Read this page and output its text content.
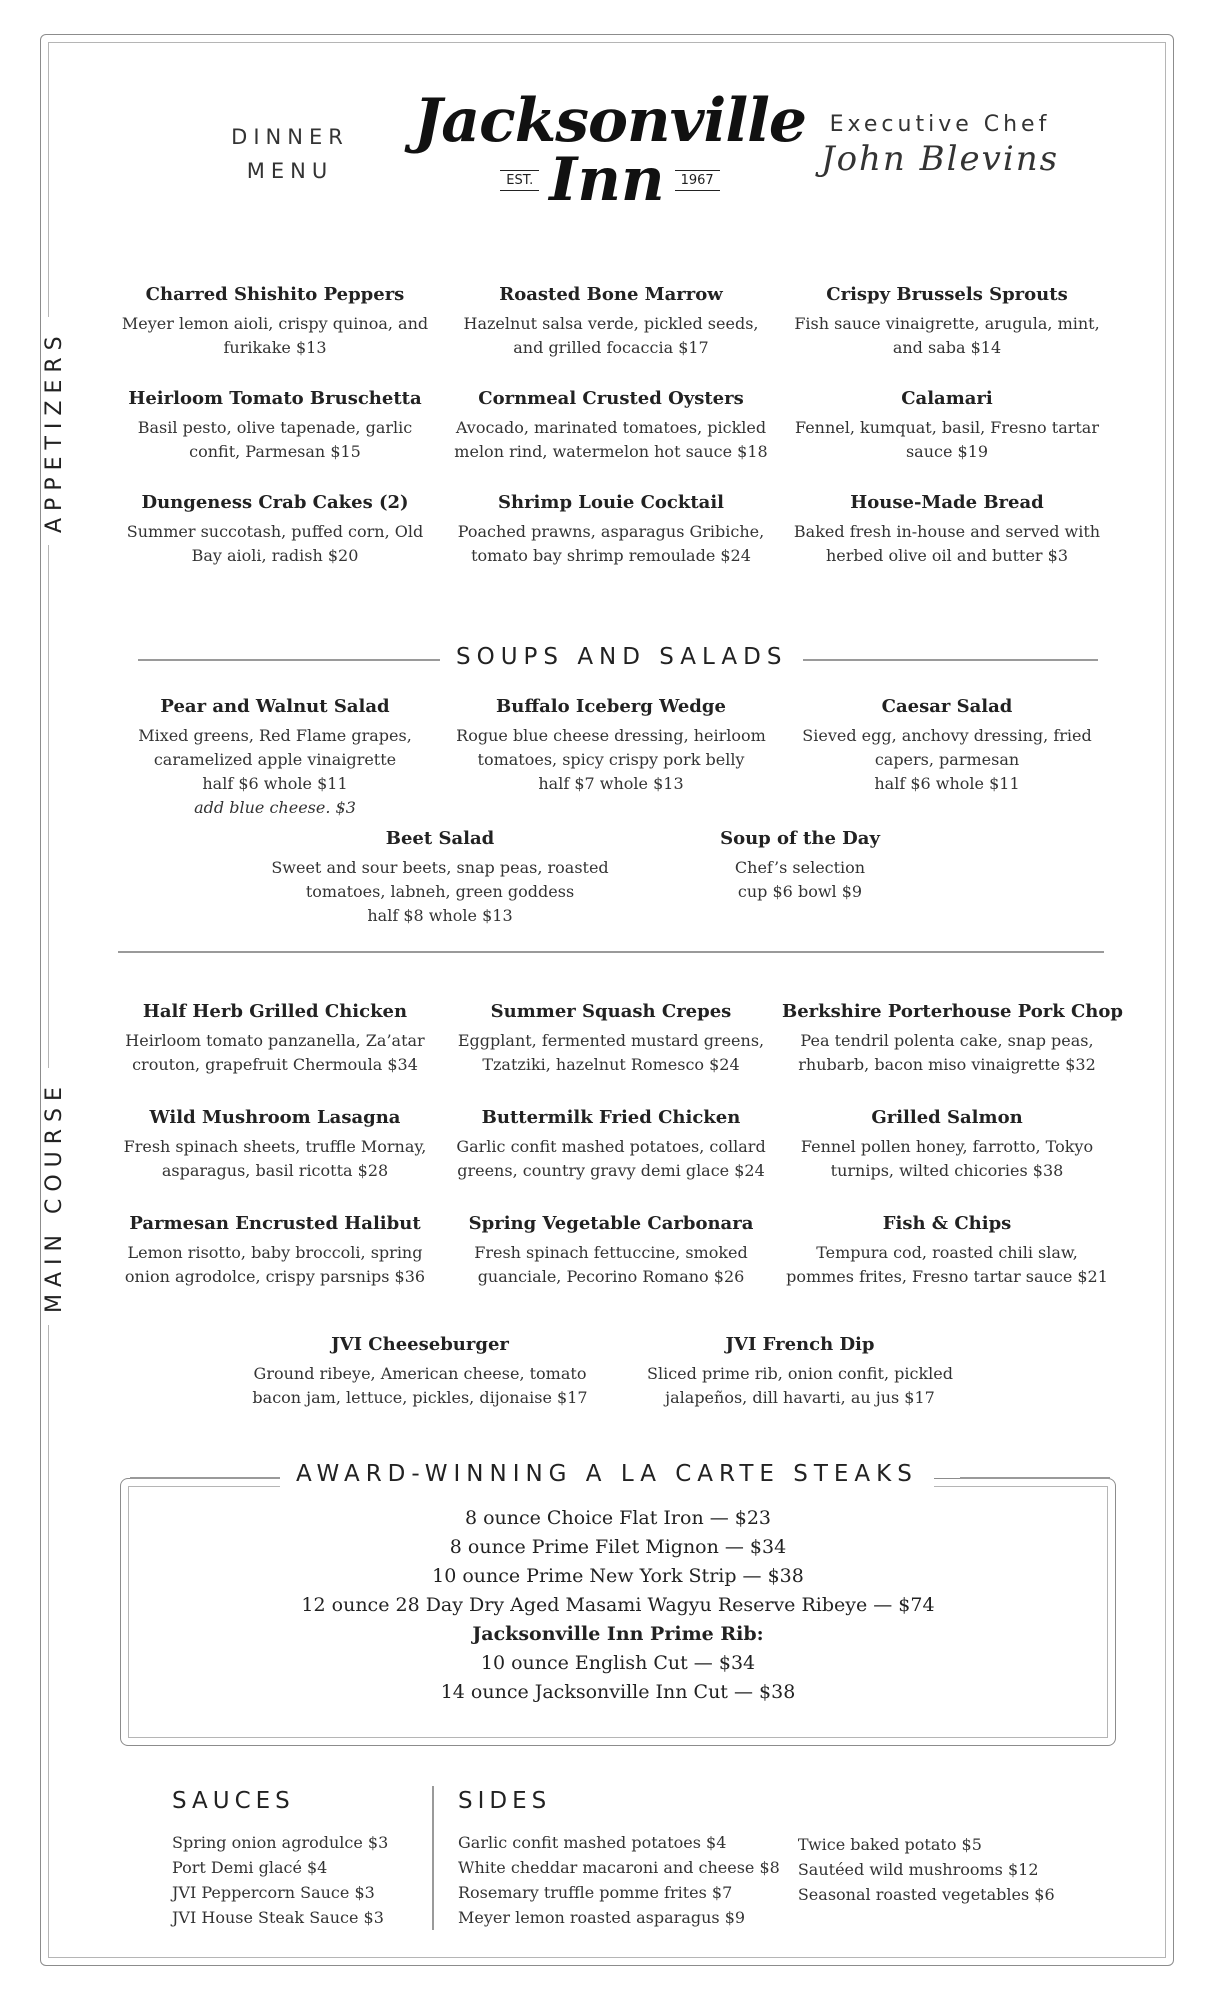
APPETIZERS
MAIN COURSE
DINNER MENU
Jacksonville
EST. Inn	1967
Executive Chef
John Blevins
Charred Shishito Peppers

Meyer lemon aioli, crispy quinoa, and furikake $13

Roasted Bone Marrow

Hazelnut salsa verde, pickled seeds, and grilled focaccia $17

Crispy Brussels Sprouts

Fish sauce vinaigrette, arugula, mint, and saba $14

Heirloom Tomato Bruschetta

Basil pesto, olive tapenade, garlic confit, Parmesan $15

Cornmeal Crusted Oysters

Avocado, marinated tomatoes, pickled melon rind, watermelon hot sauce $18

Calamari

Fennel, kumquat, basil, Fresno tartar sauce $19

Dungeness Crab Cakes (2)

Summer succotash, puffed corn, Old Bay aioli, radish $20

Shrimp Louie Cocktail

Poached prawns, asparagus Gribiche, tomato bay shrimp remoulade $24

House-Made Bread

Baked fresh in-house and served with herbed olive oil and butter $3

SOUPS AND SALADS
Pear and Walnut Salad

Mixed greens, Red Flame grapes, caramelized apple vinaigrette

half $6 whole $11

add blue cheese. $3

Buffalo Iceberg Wedge

Rogue blue cheese dressing, heirloom tomatoes, spicy crispy pork belly

half $7 whole $13

Caesar Salad

Sieved egg, anchovy dressing, fried capers, parmesan

half $6 whole $11

Beet Salad

Sweet and sour beets, snap peas, roasted tomatoes, labneh, green goddess

half $8 whole $13

Soup of the Day

Chef’s selection

cup $6 bowl $9

Half Herb Grilled Chicken

Heirloom tomato panzanella, Za’atar crouton, grapefruit Chermoula $34

Summer Squash Crepes

Eggplant, fermented mustard greens, Tzatziki, hazelnut Romesco $24

Berkshire Porterhouse Pork Chop

Pea tendril polenta cake, snap peas, rhubarb, bacon miso vinaigrette $32

Wild Mushroom Lasagna

Fresh spinach sheets, truffle Mornay, asparagus, basil ricotta $28

Buttermilk Fried Chicken

Garlic confit mashed potatoes, collard greens, country gravy demi glace $24

Grilled Salmon

Fennel pollen honey, farrotto, Tokyo turnips, wilted chicories $38

Parmesan Encrusted Halibut

Lemon risotto, baby broccoli, spring onion agrodolce, crispy parsnips $36

Spring Vegetable Carbonara

Fresh spinach fettuccine, smoked guanciale, Pecorino Romano $26

Fish & Chips

Tempura cod, roasted chili slaw, pommes frites, Fresno tartar sauce $21

JVI Cheeseburger

Ground ribeye, American cheese, tomato bacon jam, lettuce, pickles, dijonaise $17

JVI French Dip

Sliced prime rib, onion confit, pickled jalapeños, dill havarti, au jus $17

AWARD-WINNING A LA CARTE STEAKS
8 ounce Choice Flat Iron — $23
8 ounce Prime Filet Mignon — $34
10 ounce Prime New York Strip — $38
12 ounce 28 Day Dry Aged Masami Wagyu Reserve Ribeye — $74
Jacksonville Inn Prime Rib:
10 ounce English Cut — $34
14 ounce Jacksonville Inn Cut — $38
SAUCES
Spring onion agrodulce $3
Port Demi glacé $4
JVI Peppercorn Sauce $3
JVI House Steak Sauce $3
SIDES
Garlic confit mashed potatoes $4
White cheddar macaroni and cheese $8
Rosemary truffle pomme frites $7
Meyer lemon roasted asparagus $9
Twice baked potato $5
Sautéed wild mushrooms $12
Seasonal roasted vegetables $6
